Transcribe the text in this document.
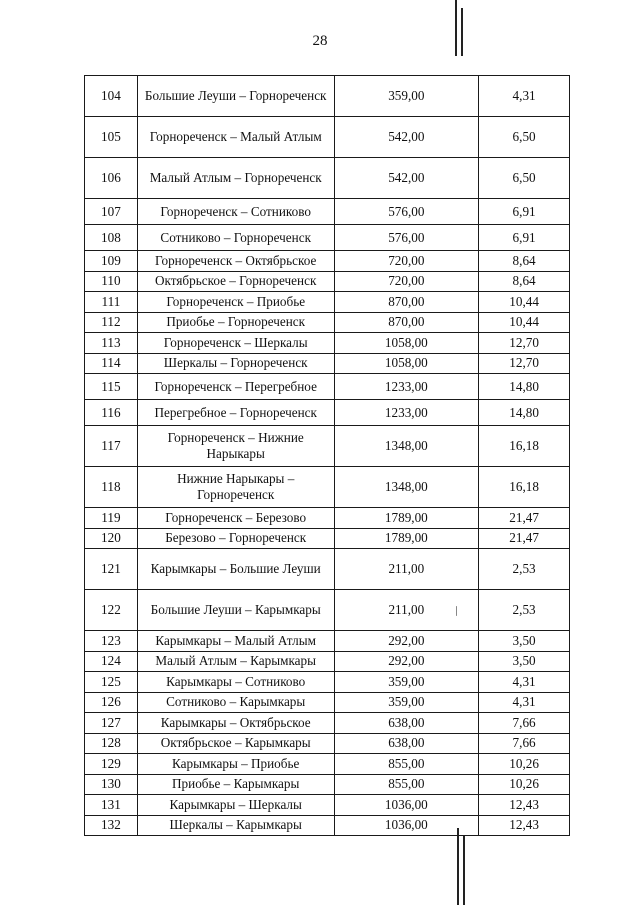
28
104	Большие Леуши – Горнореченск	359,00	4,31
105	Горнореченск – Малый Атлым	542,00	6,50
106	Малый Атлым – Горнореченск	542,00	6,50
107	Горнореченск – Сотниково	576,00	6,91
108	Сотниково – Горнореченск	576,00	6,91
109	Горнореченск – Октябрьское	720,00	8,64
110	Октябрьское – Горнореченск	720,00	8,64
111	Горнореченск – Приобье	870,00	10,44
112	Приобье – Горнореченск	870,00	10,44
113	Горнореченск – Шеркалы	1058,00	12,70
114	Шеркалы – Горнореченск	1058,00	12,70
115	Горнореченск – Перегребное	1233,00	14,80
116	Перегребное – Горнореченск	1233,00	14,80
117	Горнореченск – Нижние Нарыкары	1348,00	16,18
118	Нижние Нарыкары – Горнореченск	1348,00	16,18
119	Горнореченск – Березово	1789,00	21,47
120	Березово – Горнореченск	1789,00	21,47
121	Карымкары – Большие Леуши	211,00	2,53
122	Большие Леуши – Карымкары	211,00	2,53
123	Карымкары – Малый Атлым	292,00	3,50
124	Малый Атлым – Карымкары	292,00	3,50
125	Карымкары – Сотниково	359,00	4,31
126	Сотниково – Карымкары	359,00	4,31
127	Карымкары – Октябрьское	638,00	7,66
128	Октябрьское – Карымкары	638,00	7,66
129	Карымкары – Приобье	855,00	10,26
130	Приобье – Карымкары	855,00	10,26
131	Карымкары – Шеркалы	1036,00	12,43
132	Шеркалы – Карымкары	1036,00	12,43
